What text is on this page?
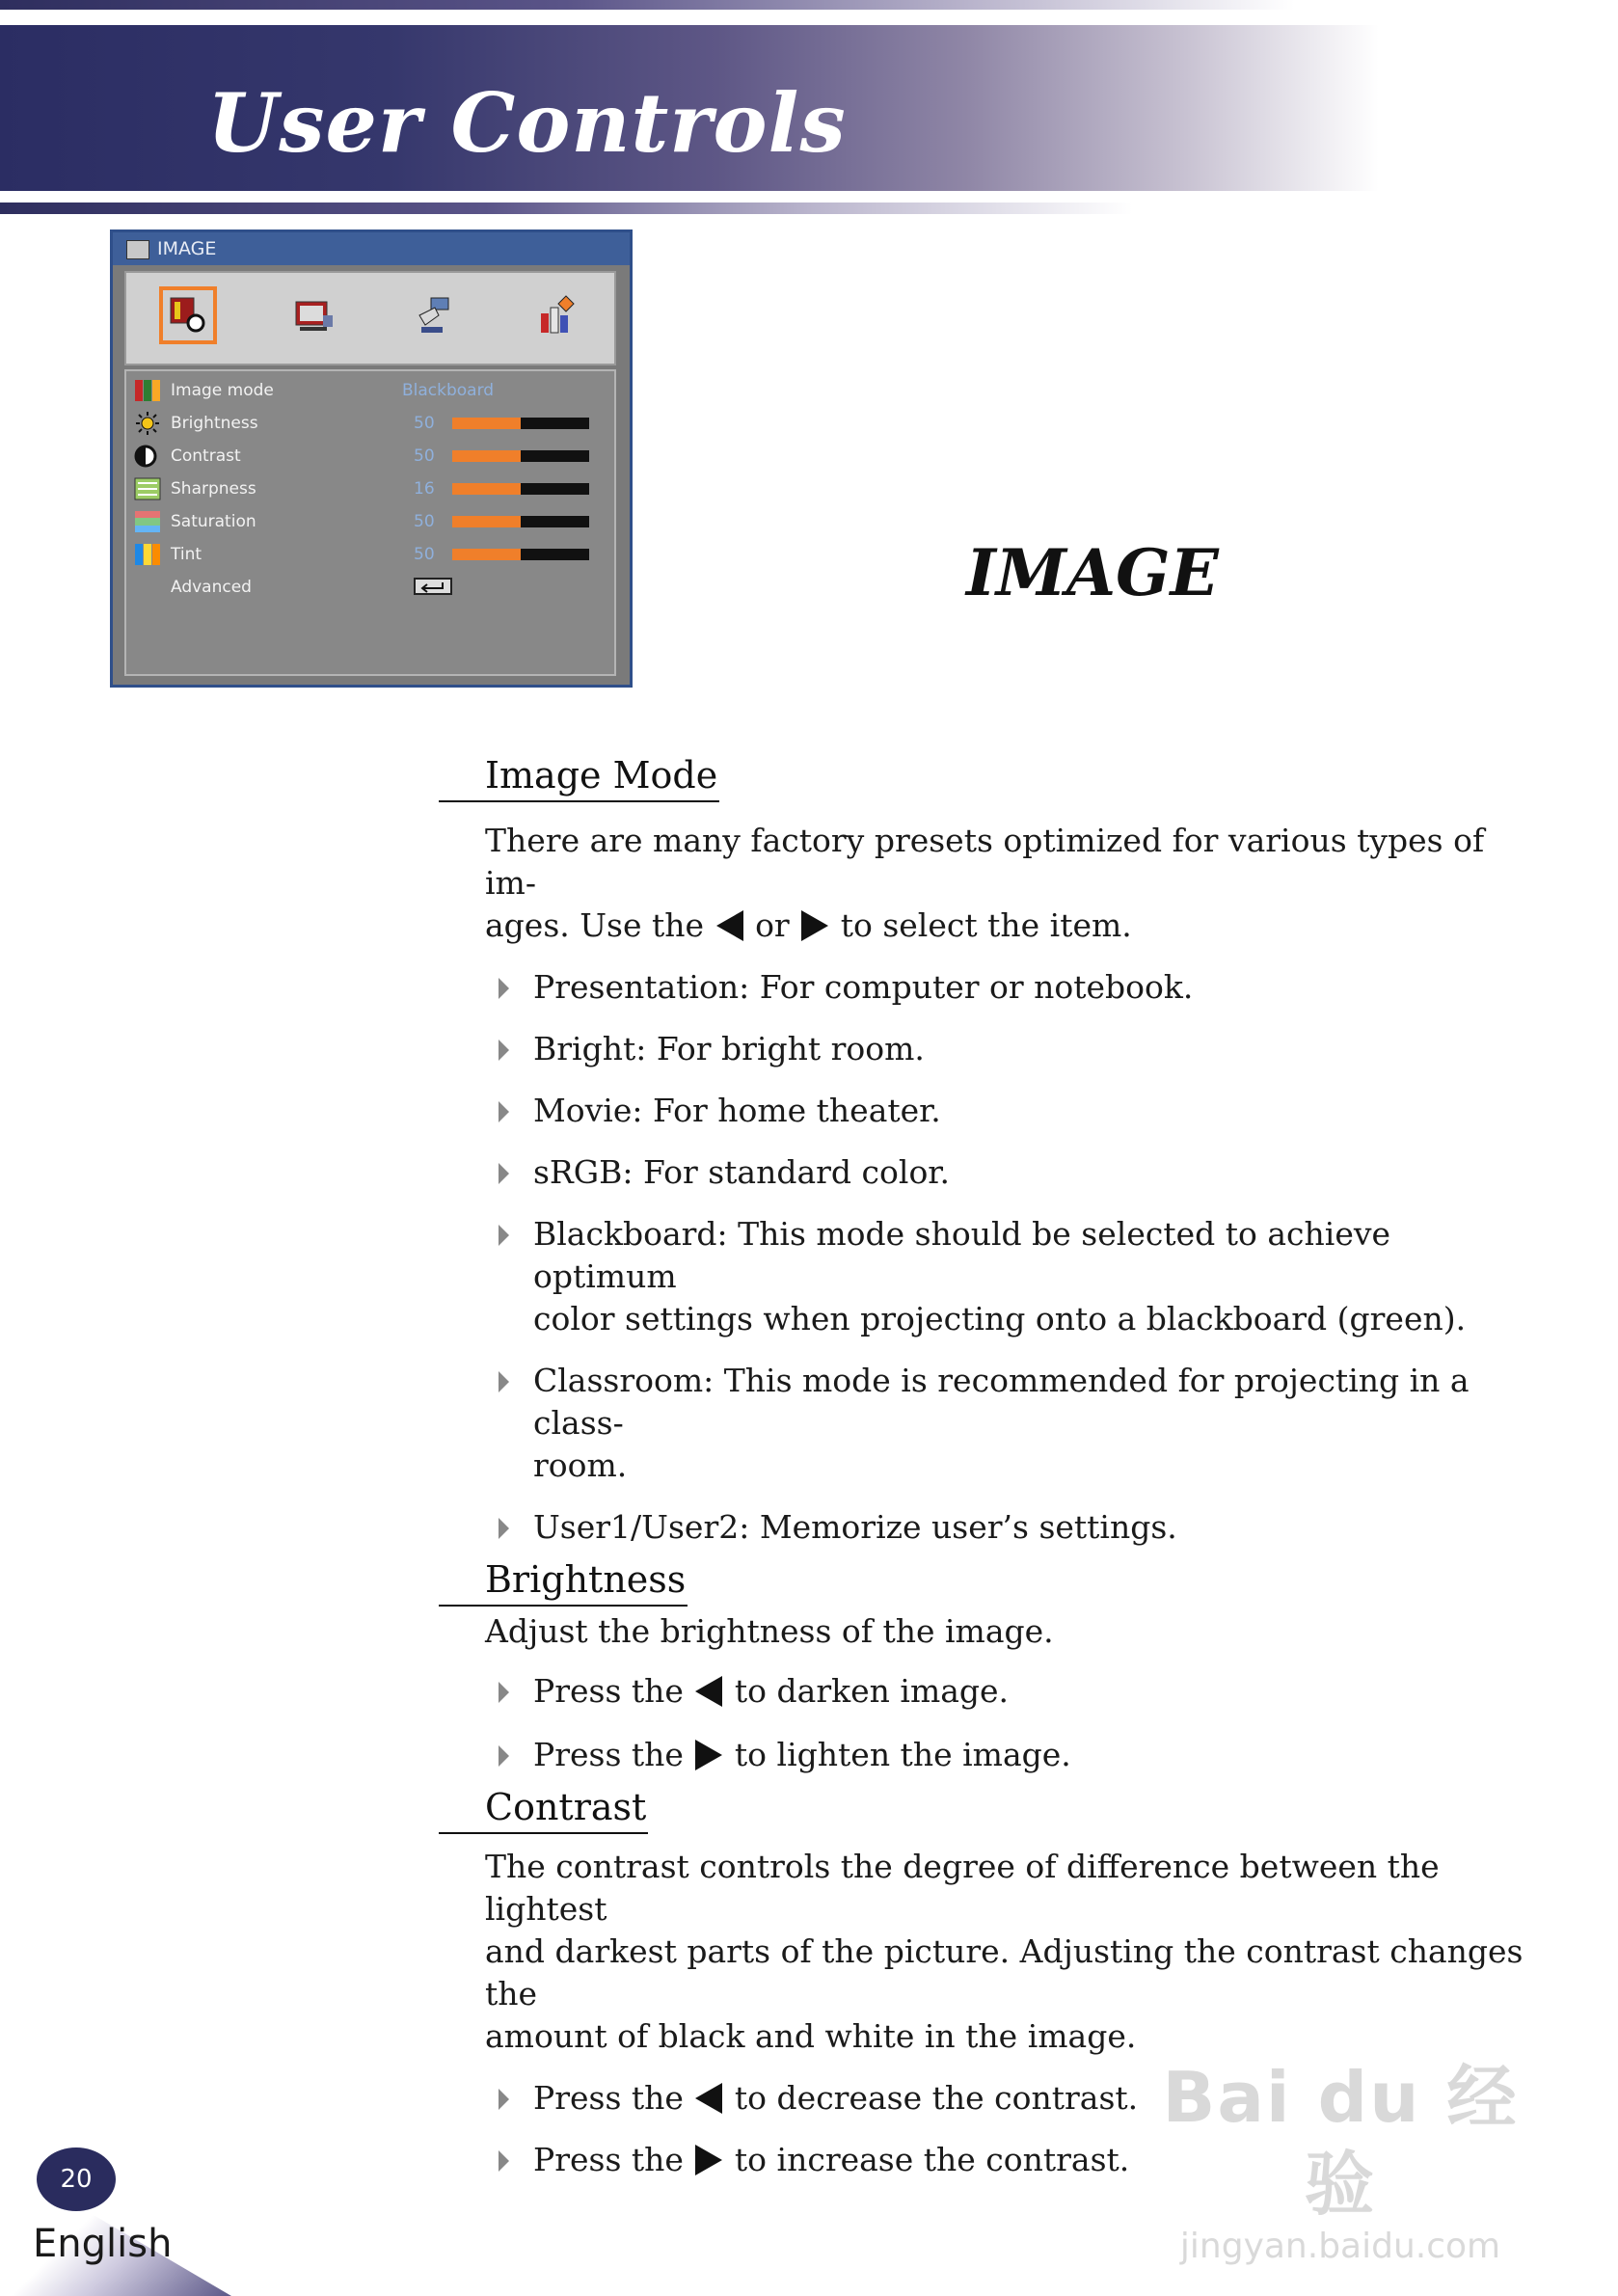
User Controls
IMAGE
Image mode	Blackboard
Brightness	50
Contrast	50
Sharpness	16
Saturation	50
Tint	50
Advanced	IMAGE
Image Mode

There are many factory presets optimized for various types of im-

ages. Use the or to select the item.

Presentation: For computer or notebook.

Bright: For bright room.

Movie: For home theater.

sRGB: For standard color.

Blackboard: This mode should be selected to achieve optimum
color settings when projecting onto a blackboard (green).

Classroom: This mode is recommended for projecting in a class-
room.

User1/User2: Memorize user’s settings.

Brightness

Adjust the brightness of the image.

Press the to darken image.

Press the to lighten the image.

Contrast

The contrast controls the degree of difference between the lightest

and darkest parts of the picture. Adjusting the contrast changes the

amount of black and white in the image.

Press the to decrease the contrast.

Press the to increase the contrast.

Bai du 经验
jingyan.baidu.com
20

English
